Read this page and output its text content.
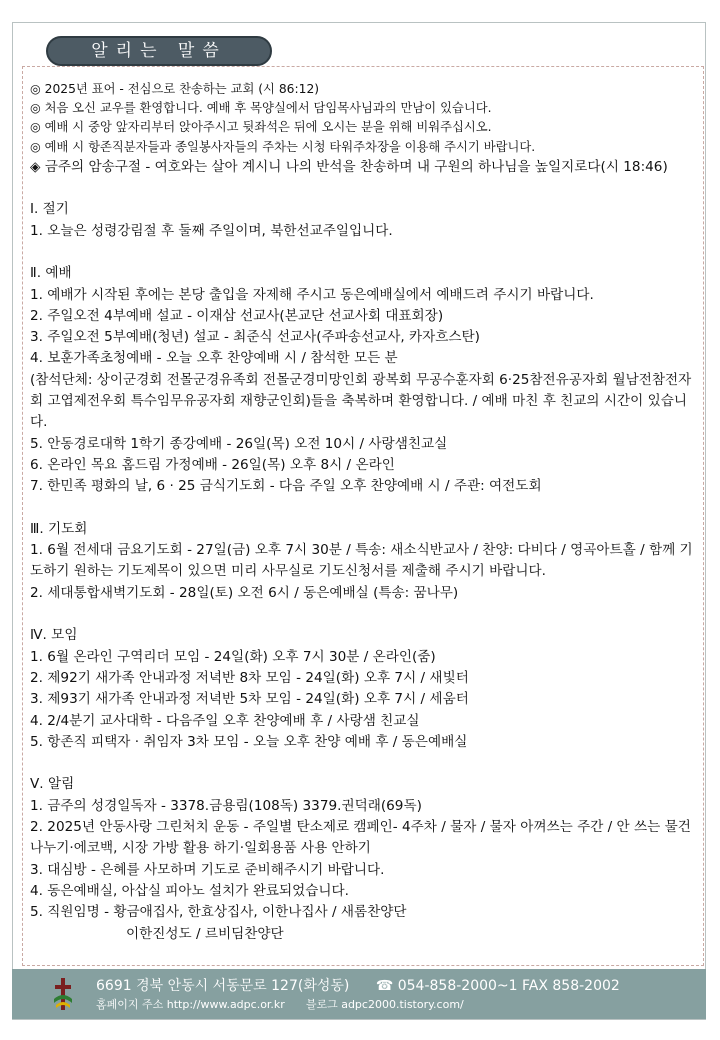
알리는 말씀
◎ 2025년 표어 - 전심으로 찬송하는 교회 (시 86:12)
◎ 처음 오신 교우를 환영합니다. 예배 후 목양실에서 담임목사님과의 만남이 있습니다.
◎ 예배 시 중앙 앞자리부터 앉아주시고 뒷좌석은 뒤에 오시는 분을 위해 비워주십시오.
◎ 예배 시 항존직분자들과 종일봉사자들의 주차는 시청 타워주차장을 이용해 주시기 바랍니다.
◈ 금주의 암송구절 - 여호와는 살아 계시니 나의 반석을 찬송하며 내 구원의 하나님을 높일지로다(시 18:46)
Ⅰ. 절기
1. 오늘은 성령강림절 후 둘째 주일이며, 북한선교주일입니다.
Ⅱ. 예배
1. 예배가 시작된 후에는 본당 출입을 자제해 주시고 동은예배실에서 예배드려 주시기 바랍니다.
2. 주일오전 4부예배 설교 - 이재삼 선교사(본교단 선교사회 대표회장)
3. 주일오전 5부예배(청년) 설교 - 최준식 선교사(주파송선교사, 카자흐스탄)
4. 보훈가족초청예배 - 오늘 오후 찬양예배 시 / 참석한 모든 분
(참석단체: 상이군경회 전몰군경유족회 전몰군경미망인회 광복회 무공수훈자회 6·25참전유공자회 월남전참전자회 고엽제전우회 특수임무유공자회 재향군인회)들을 축복하며 환영합니다. / 예배 마친 후 친교의 시간이 있습니다.
5. 안동경로대학 1학기 종강예배 - 26일(목) 오전 10시 / 사랑샘친교실
6. 온라인 목요 홈드림 가정예배 - 26일(목) 오후 8시 / 온라인
7. 한민족 평화의 날, 6 · 25 금식기도회 - 다음 주일 오후 찬양예배 시 / 주관: 여전도회
Ⅲ. 기도회
1. 6월 전세대 금요기도회 - 27일(금) 오후 7시 30분 / 특송: 새소식반교사 / 찬양: 다비다 / 영곡아트홀 / 함께 기도하기 원하는 기도제목이 있으면 미리 사무실로 기도신청서를 제출해 주시기 바랍니다.
2. 세대통합새벽기도회 - 28일(토) 오전 6시 / 동은예배실 (특송: 꿈나무)
Ⅳ. 모임
1. 6월 온라인 구역리더 모임 - 24일(화) 오후 7시 30분 / 온라인(줌)
2. 제92기 새가족 안내과정 저녁반 8차 모임 - 24일(화) 오후 7시 / 새빛터
3. 제93기 새가족 안내과정 저녁반 5차 모임 - 24일(화) 오후 7시 / 세움터
4. 2/4분기 교사대학 - 다음주일 오후 찬양예배 후 / 사랑샘 친교실
5. 항존직 피택자 · 취임자 3차 모임 - 오늘 오후 찬양 예배 후 / 동은예배실
Ⅴ. 알림
1. 금주의 성경일독자 - 3378.금용림(108독) 3379.권덕래(69독)
2. 2025년 안동사랑 그린처치 운동 - 주일별 탄소제로 캠페인- 4주차 / 물자 / 물자 아껴쓰는 주간 / 안 쓰는 물건 나누기·에코백, 시장 가방 활용 하기·일회용품 사용 안하기
3. 대심방 - 은혜를 사모하며 기도로 준비해주시기 바랍니다.
4. 동은예배실, 아삽실 피아노 설치가 완료되었습니다.
5. 직원임명 - 황금애집사, 한효상집사, 이한나집사 / 새롬찬양단
이한진성도 / 르비딤찬양단
6691 경북 안동시 서동문로 127(화성동) ☎ 054-858-2000~1 FAX 858-2002
홈페이지 주소 http://www.adpc.or.kr 블로그 adpc2000.tistory.com/
